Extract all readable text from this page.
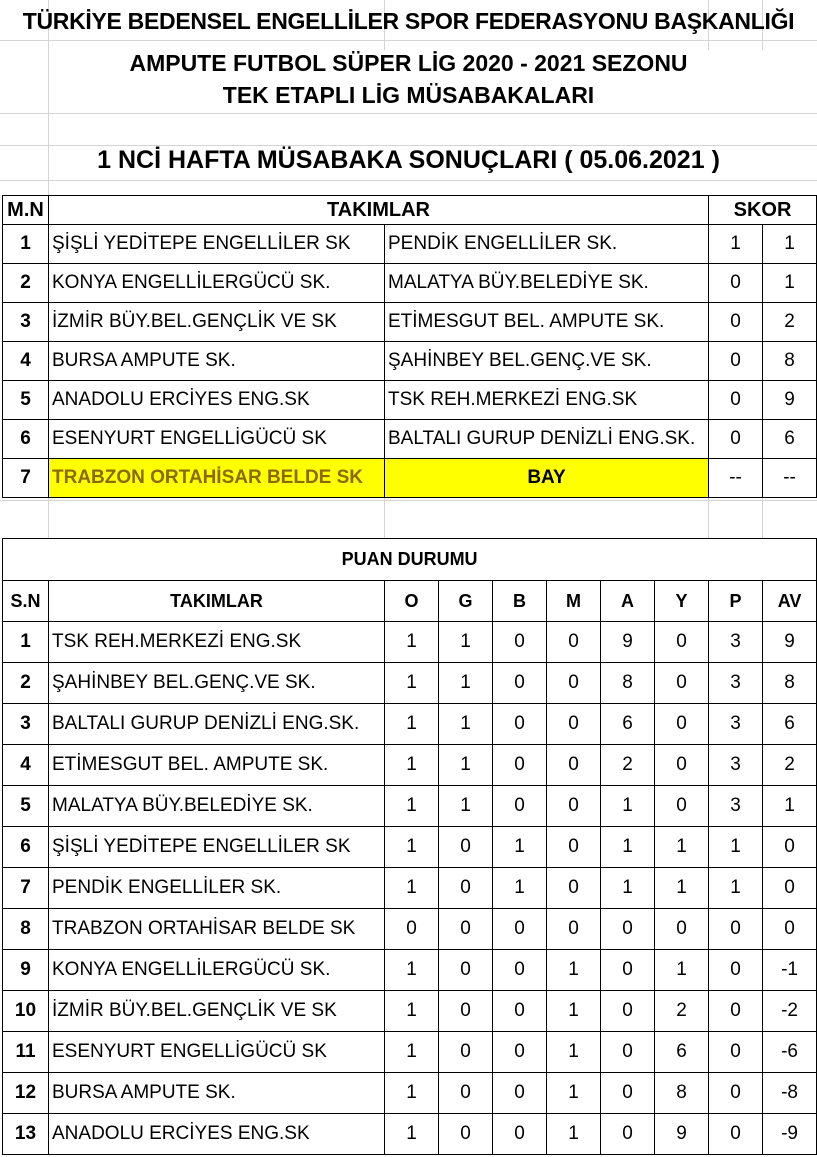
TÜRKİYE BEDENSEL ENGELLİLER SPOR FEDERASYONU BAŞKANLIĞI
AMPUTE FUTBOL SÜPER LİG 2020 - 2021 SEZONU
TEK ETAPLI LİG MÜSABAKALARI
1 NCİ HAFTA MÜSABAKA SONUÇLARI ( 05.06.2021 )
M.N	TAKIMLAR		SKOR	
1	ŞİŞLİ YEDİTEPE ENGELLİLER SK	PENDİK ENGELLİLER SK.	1	1
2	KONYA ENGELLİLERGÜCÜ SK.	MALATYA BÜY.BELEDİYE SK.	0	1
3	İZMİR BÜY.BEL.GENÇLİK VE SK	ETİMESGUT BEL. AMPUTE SK.	0	2
4	BURSA AMPUTE SK.	ŞAHİNBEY BEL.GENÇ.VE SK.	0	8
5	ANADOLU ERCİYES ENG.SK	TSK REH.MERKEZİ ENG.SK	0	9
6	ESENYURT ENGELLİGÜCÜ SK	BALTALI GURUP DENİZLİ ENG.SK.	0	6
7	TRABZON ORTAHİSAR BELDE SK	BAY	--	--
PUAN DURUMU									
S.N	TAKIMLAR	O	G	B	M	A	Y	P	AV
1	TSK REH.MERKEZİ ENG.SK	1	1	0	0	9	0	3	9
2	ŞAHİNBEY BEL.GENÇ.VE SK.	1	1	0	0	8	0	3	8
3	BALTALI GURUP DENİZLİ ENG.SK.	1	1	0	0	6	0	3	6
4	ETİMESGUT BEL. AMPUTE SK.	1	1	0	0	2	0	3	2
5	MALATYA BÜY.BELEDİYE SK.	1	1	0	0	1	0	3	1
6	ŞİŞLİ YEDİTEPE ENGELLİLER SK	1	0	1	0	1	1	1	0
7	PENDİK ENGELLİLER SK.	1	0	1	0	1	1	1	0
8	TRABZON ORTAHİSAR BELDE SK	0	0	0	0	0	0	0	0
9	KONYA ENGELLİLERGÜCÜ SK.	1	0	0	1	0	1	0	-1
10	İZMİR BÜY.BEL.GENÇLİK VE SK	1	0	0	1	0	2	0	-2
11	ESENYURT ENGELLİGÜCÜ SK	1	0	0	1	0	6	0	-6
12	BURSA AMPUTE SK.	1	0	0	1	0	8	0	-8
13	ANADOLU ERCİYES ENG.SK	1	0	0	1	0	9	0	-9
